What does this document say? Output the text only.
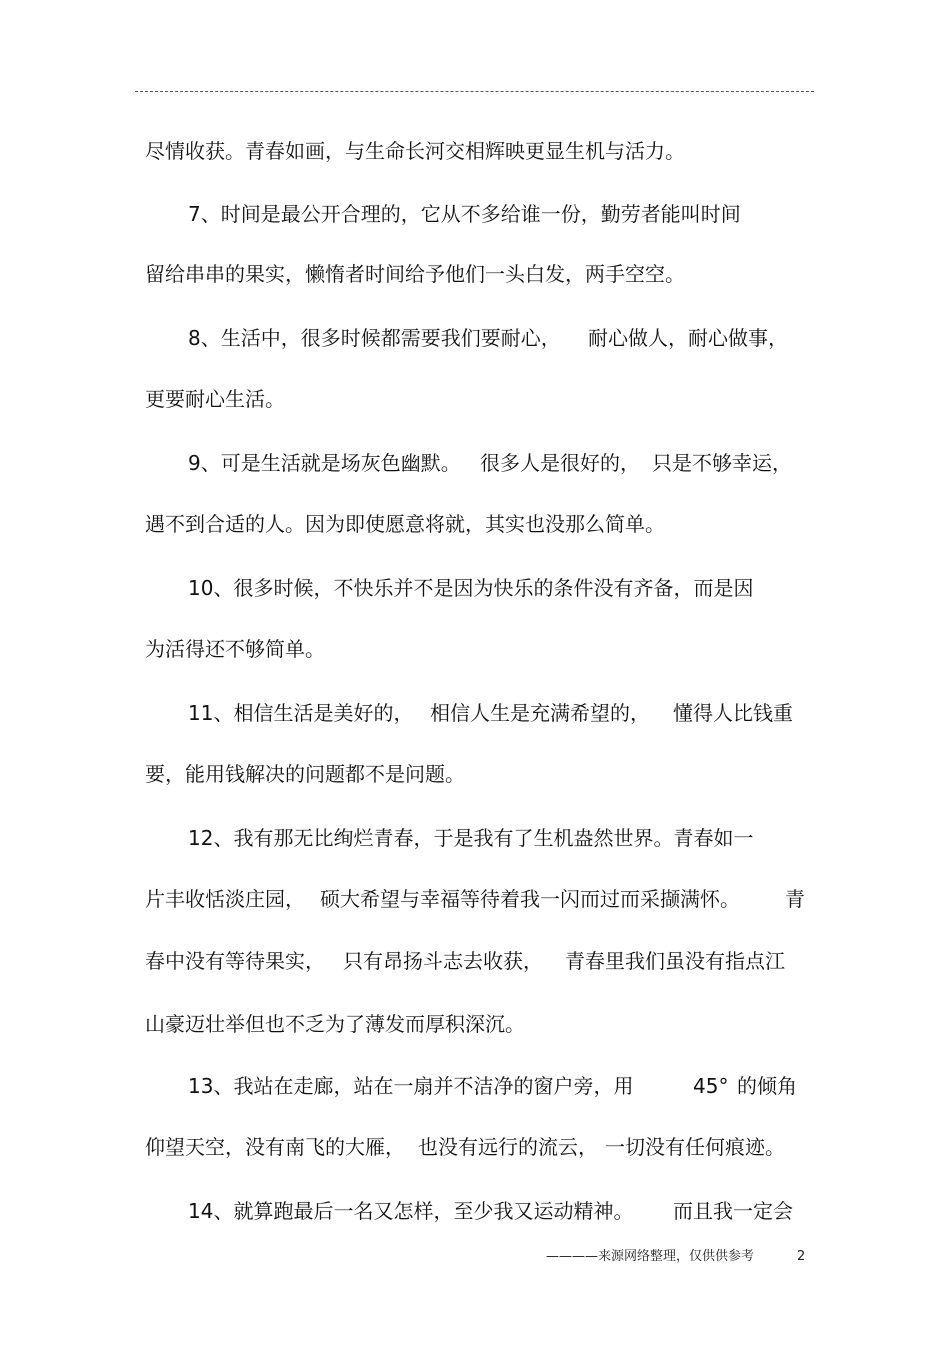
尽情收获。青春如画，与生命长河交相辉映更显生机与活力。

7、时间是最公开合理的，它从不多给谁一份，勤劳者能叫时间

留给串串的果实，懒惰者时间给予他们一头白发，两手空空。

8、生活中，很多时候都需要我们要耐心，

耐心做人，耐心做事，

更要耐心生活。

9、可是生活就是场灰色幽默。

很多人是很好的，

只是不够幸运，

遇不到合适的人。因为即使愿意将就，其实也没那么简单。

10、很多时候，不快乐并不是因为快乐的条件没有齐备，而是因

为活得还不够简单。

11、相信生活是美好的，

相信人生是充满希望的，

懂得人比钱重

要，能用钱解决的问题都不是问题。

12、我有那无比绚烂青春，于是我有了生机盎然世界。青春如一

片丰收恬淡庄园，

硕大希望与幸福等待着我一闪而过而采撷满怀。

青

春中没有等待果实，

只有昂扬斗志去收获，

青春里我们虽没有指点江

山豪迈壮举但也不乏为了薄发而厚积深沉。

13、我站在走廊，站在一扇并不洁净的窗户旁，用

	45°

的倾角

仰望天空，没有南飞的大雁，

也没有远行的流云，

一切没有任何痕迹。

14、就算跑最后一名又怎样，至少我又运动精神。

而且我一定会

————来源网络整理，仅供供参考	2
